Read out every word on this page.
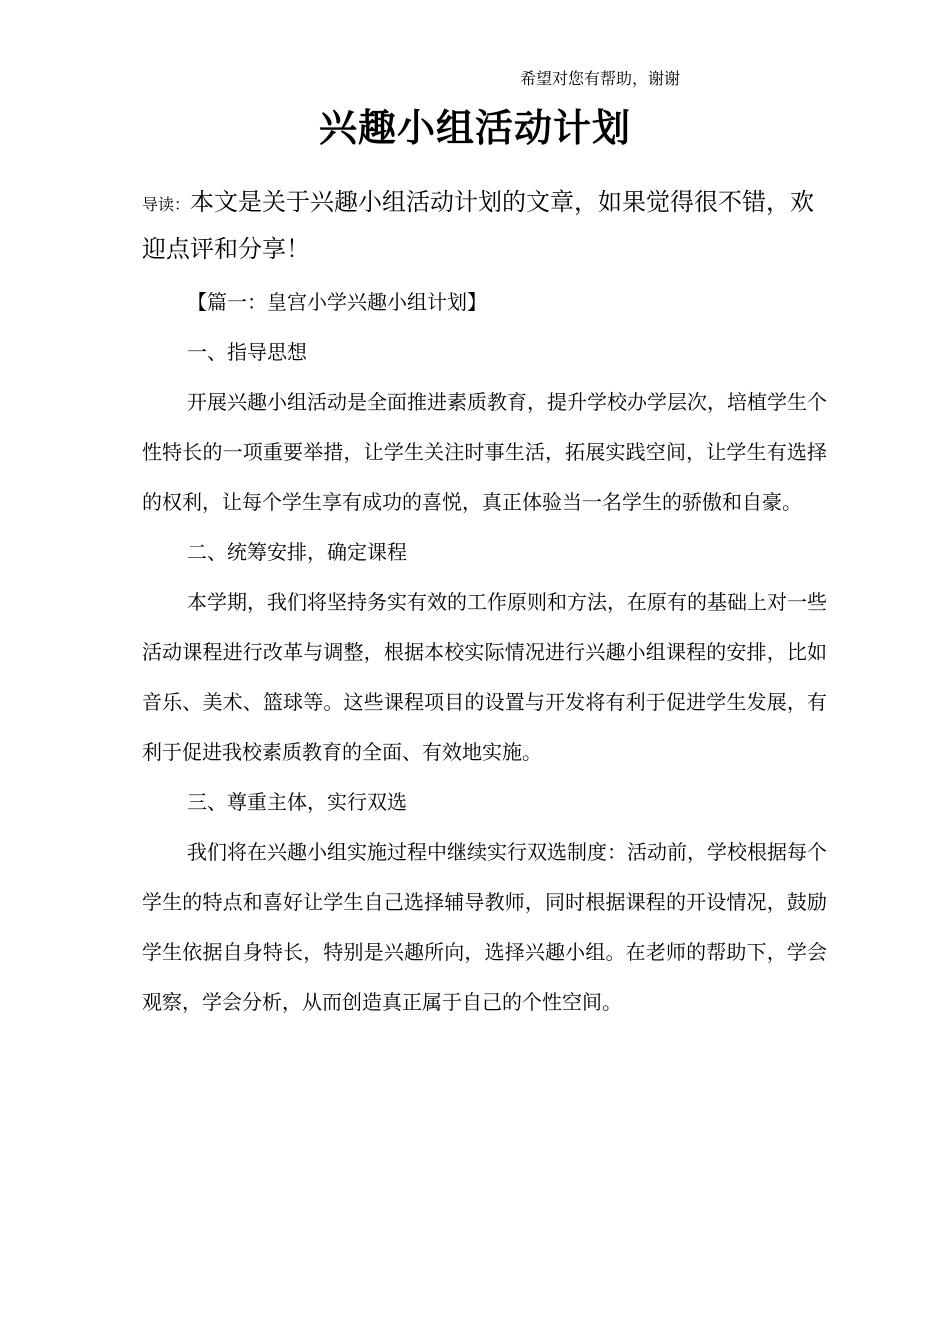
希望对您有帮助，谢谢
兴趣小组活动计划

导读：本文是关于兴趣小组活动计划的文章，如果觉得很不错，欢迎点评和分享！

【篇一：皇宫小学兴趣小组计划】

一、指导思想

开展兴趣小组活动是全面推进素质教育，提升学校办学层次，培植学生个性特长的一项重要举措，让学生关注时事生活，拓展实践空间，让学生有选择的权利，让每个学生享有成功的喜悦，真正体验当一名学生的骄傲和自豪。

二、统筹安排，确定课程

本学期，我们将坚持务实有效的工作原则和方法，在原有的基础上对一些活动课程进行改革与调整，根据本校实际情况进行兴趣小组课程的安排，比如音乐、美术、篮球等。这些课程项目的设置与开发将有利于促进学生发展，有利于促进我校素质教育的全面、有效地实施。

三、尊重主体，实行双选

我们将在兴趣小组实施过程中继续实行双选制度：活动前，学校根据每个学生的特点和喜好让学生自己选择辅导教师，同时根据课程的开设情况，鼓励学生依据自身特长，特别是兴趣所向，选择兴趣小组。在老师的帮助下，学会观察，学会分析，从而创造真正属于自己的个性空间。
